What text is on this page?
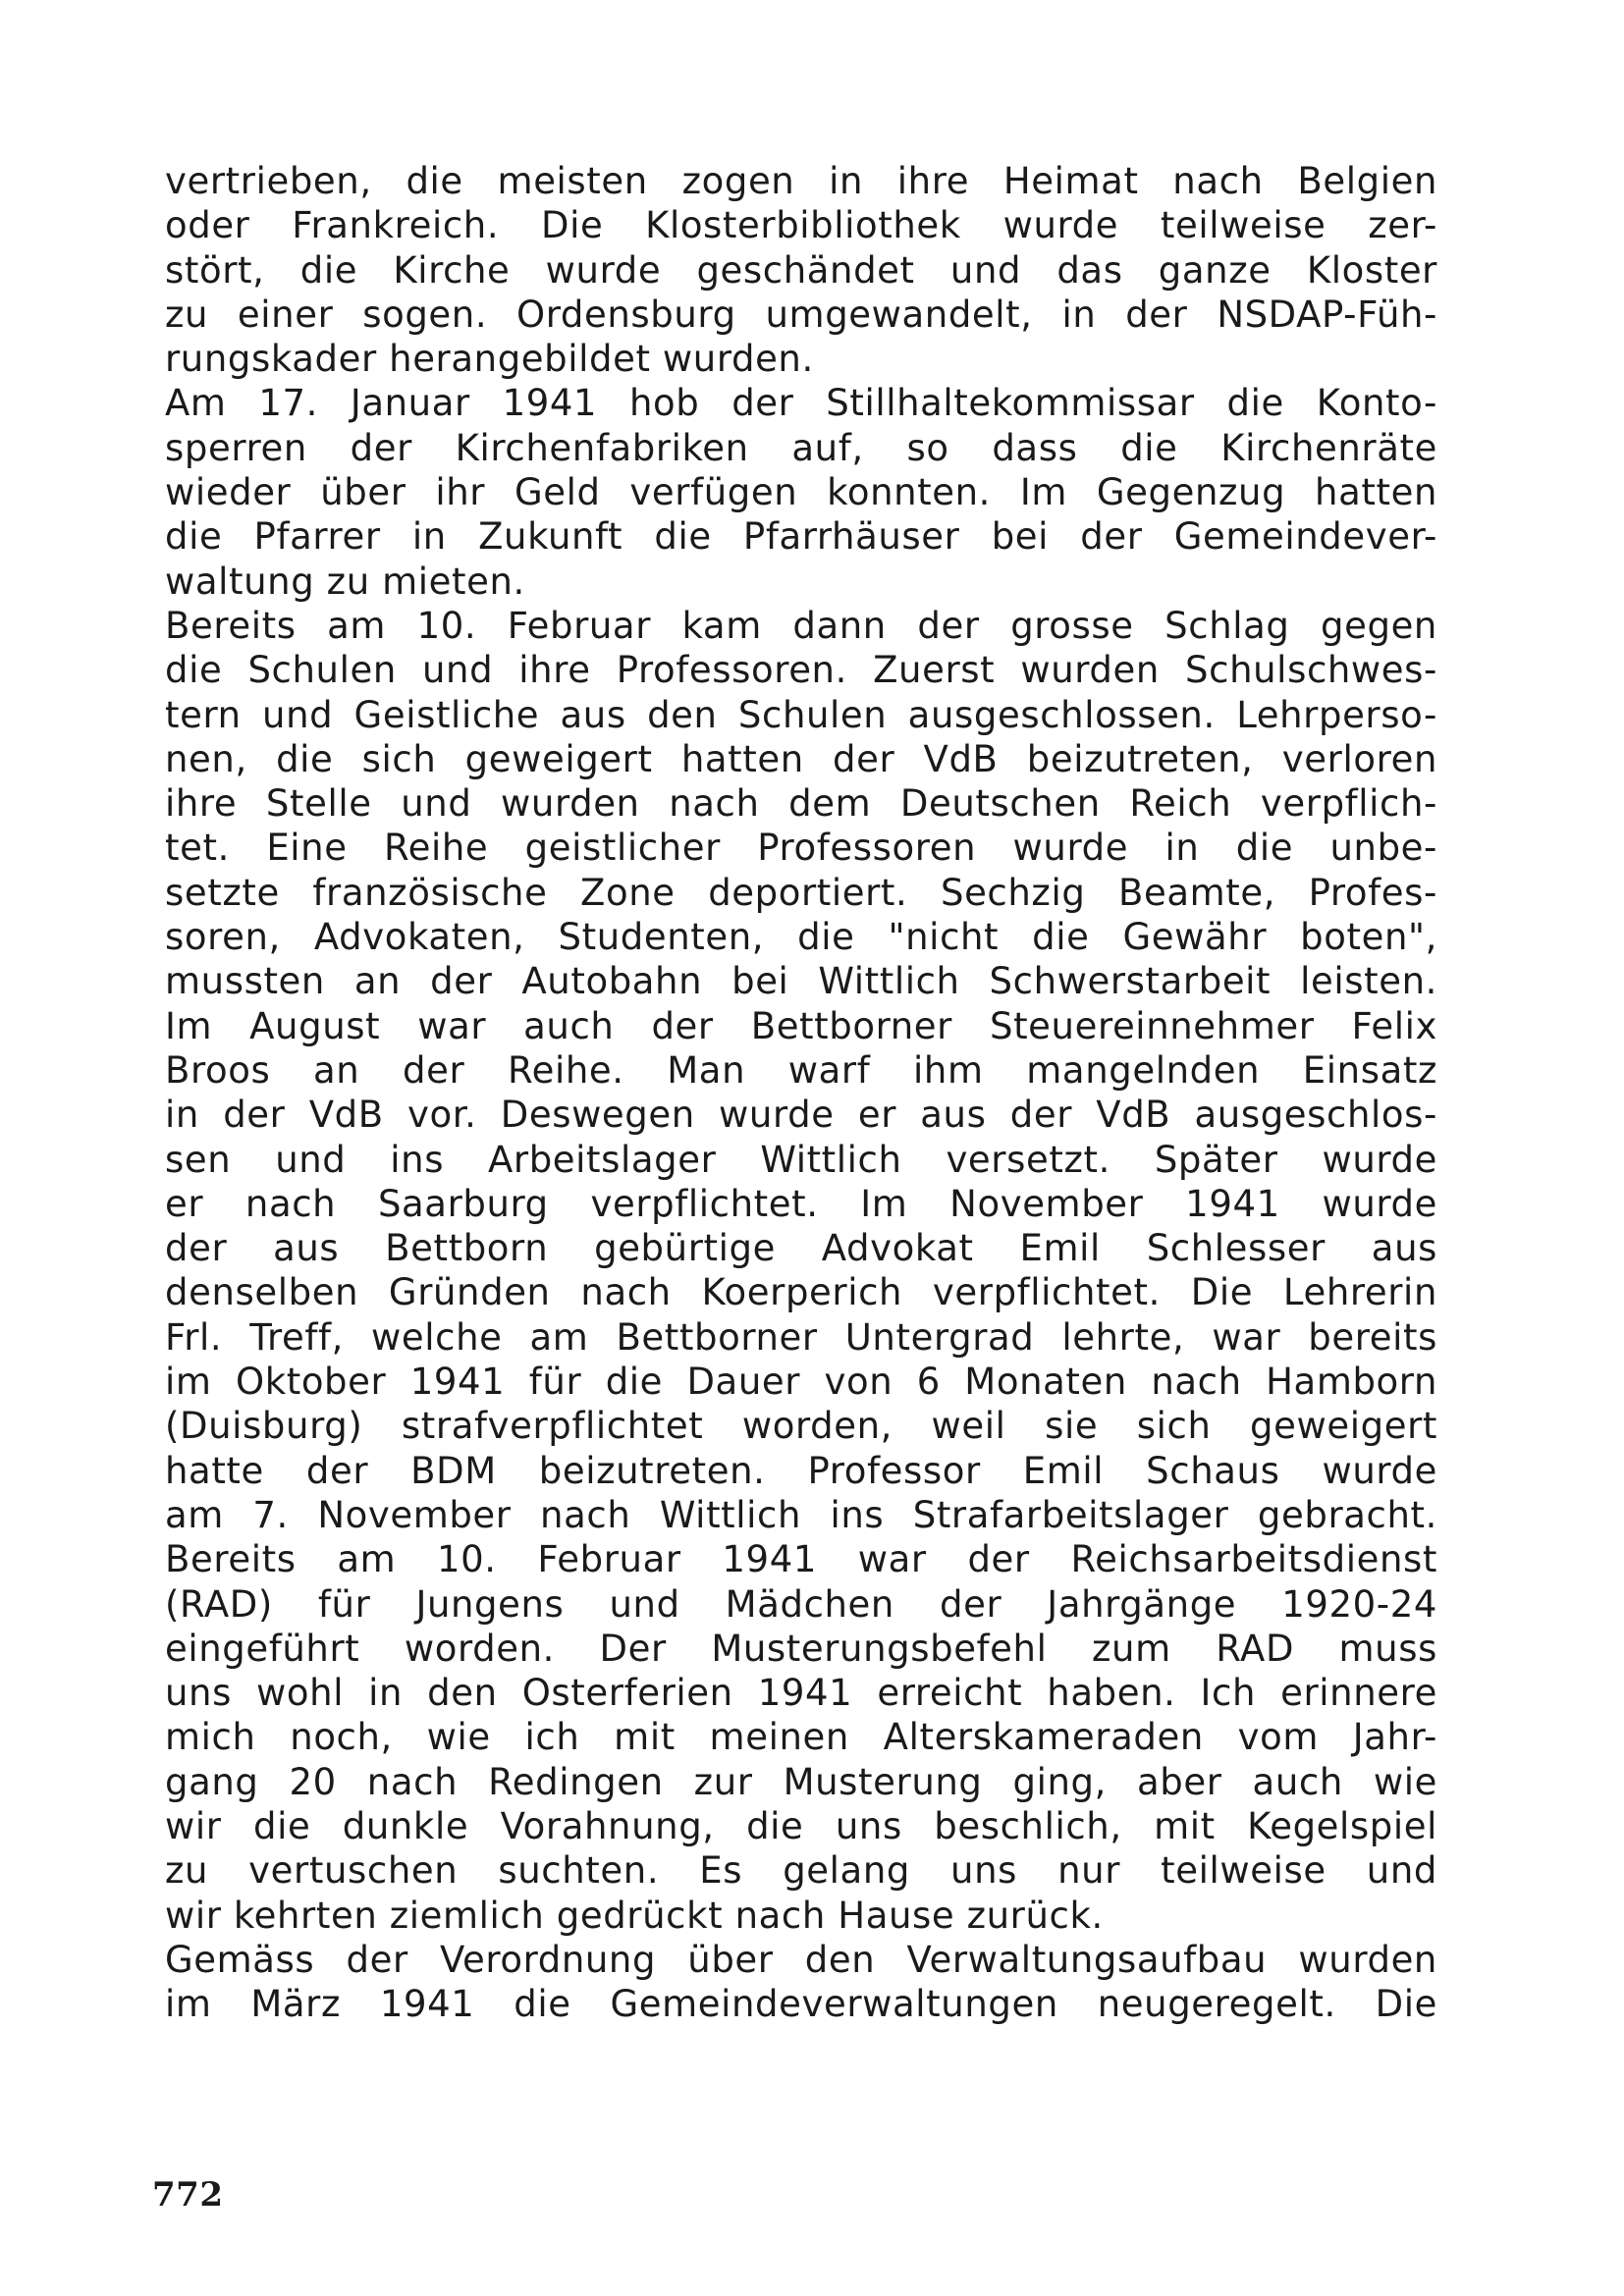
vertrieben, die meisten zogen in ihre Heimat nach Belgien
oder Frankreich. Die Klosterbibliothek wurde teilweise zer-
stört, die Kirche wurde geschändet und das ganze Kloster
zu einer sogen. Ordensburg umgewandelt, in der NSDAP-Füh-
rungskader herangebildet wurden.
Am 17. Januar 1941 hob der Stillhaltekommissar die Konto-
sperren der Kirchenfabriken auf, so dass die Kirchenräte
wieder über ihr Geld verfügen konnten. Im Gegenzug hatten
die Pfarrer in Zukunft die Pfarrhäuser bei der Gemeindever-
waltung zu mieten.
Bereits am 10. Februar kam dann der grosse Schlag gegen
die Schulen und ihre Professoren. Zuerst wurden Schulschwes-
tern und Geistliche aus den Schulen ausgeschlossen. Lehrperso-
nen, die sich geweigert hatten der VdB beizutreten, verloren
ihre Stelle und wurden nach dem Deutschen Reich verpflich-
tet. Eine Reihe geistlicher Professoren wurde in die unbe-
setzte französische Zone deportiert. Sechzig Beamte, Profes-
soren, Advokaten, Studenten, die "nicht die Gewähr boten",
mussten an der Autobahn bei Wittlich Schwerstarbeit leisten.
Im August war auch der Bettborner Steuereinnehmer Felix
Broos an der Reihe. Man warf ihm mangelnden Einsatz
in der VdB vor. Deswegen wurde er aus der VdB ausgeschlos-
sen und ins Arbeitslager Wittlich versetzt. Später wurde
er nach Saarburg verpflichtet. Im November 1941 wurde
der aus Bettborn gebürtige Advokat Emil Schlesser aus
denselben Gründen nach Koerperich verpflichtet. Die Lehrerin
Frl. Treff, welche am Bettborner Untergrad lehrte, war bereits
im Oktober 1941 für die Dauer von 6 Monaten nach Hamborn
(Duisburg) strafverpflichtet worden, weil sie sich geweigert
hatte der BDM beizutreten. Professor Emil Schaus wurde
am 7. November nach Wittlich ins Strafarbeitslager gebracht.
Bereits am 10. Februar 1941 war der Reichsarbeitsdienst
(RAD) für Jungens und Mädchen der Jahrgänge 1920-24
eingeführt worden. Der Musterungsbefehl zum RAD muss
uns wohl in den Osterferien 1941 erreicht haben. Ich erinnere
mich noch, wie ich mit meinen Alterskameraden vom Jahr-
gang 20 nach Redingen zur Musterung ging, aber auch wie
wir die dunkle Vorahnung, die uns beschlich, mit Kegelspiel
zu vertuschen suchten. Es gelang uns nur teilweise und
wir kehrten ziemlich gedrückt nach Hause zurück.
Gemäss der Verordnung über den Verwaltungsaufbau wurden
im März 1941 die Gemeindeverwaltungen neugeregelt. Die
772
